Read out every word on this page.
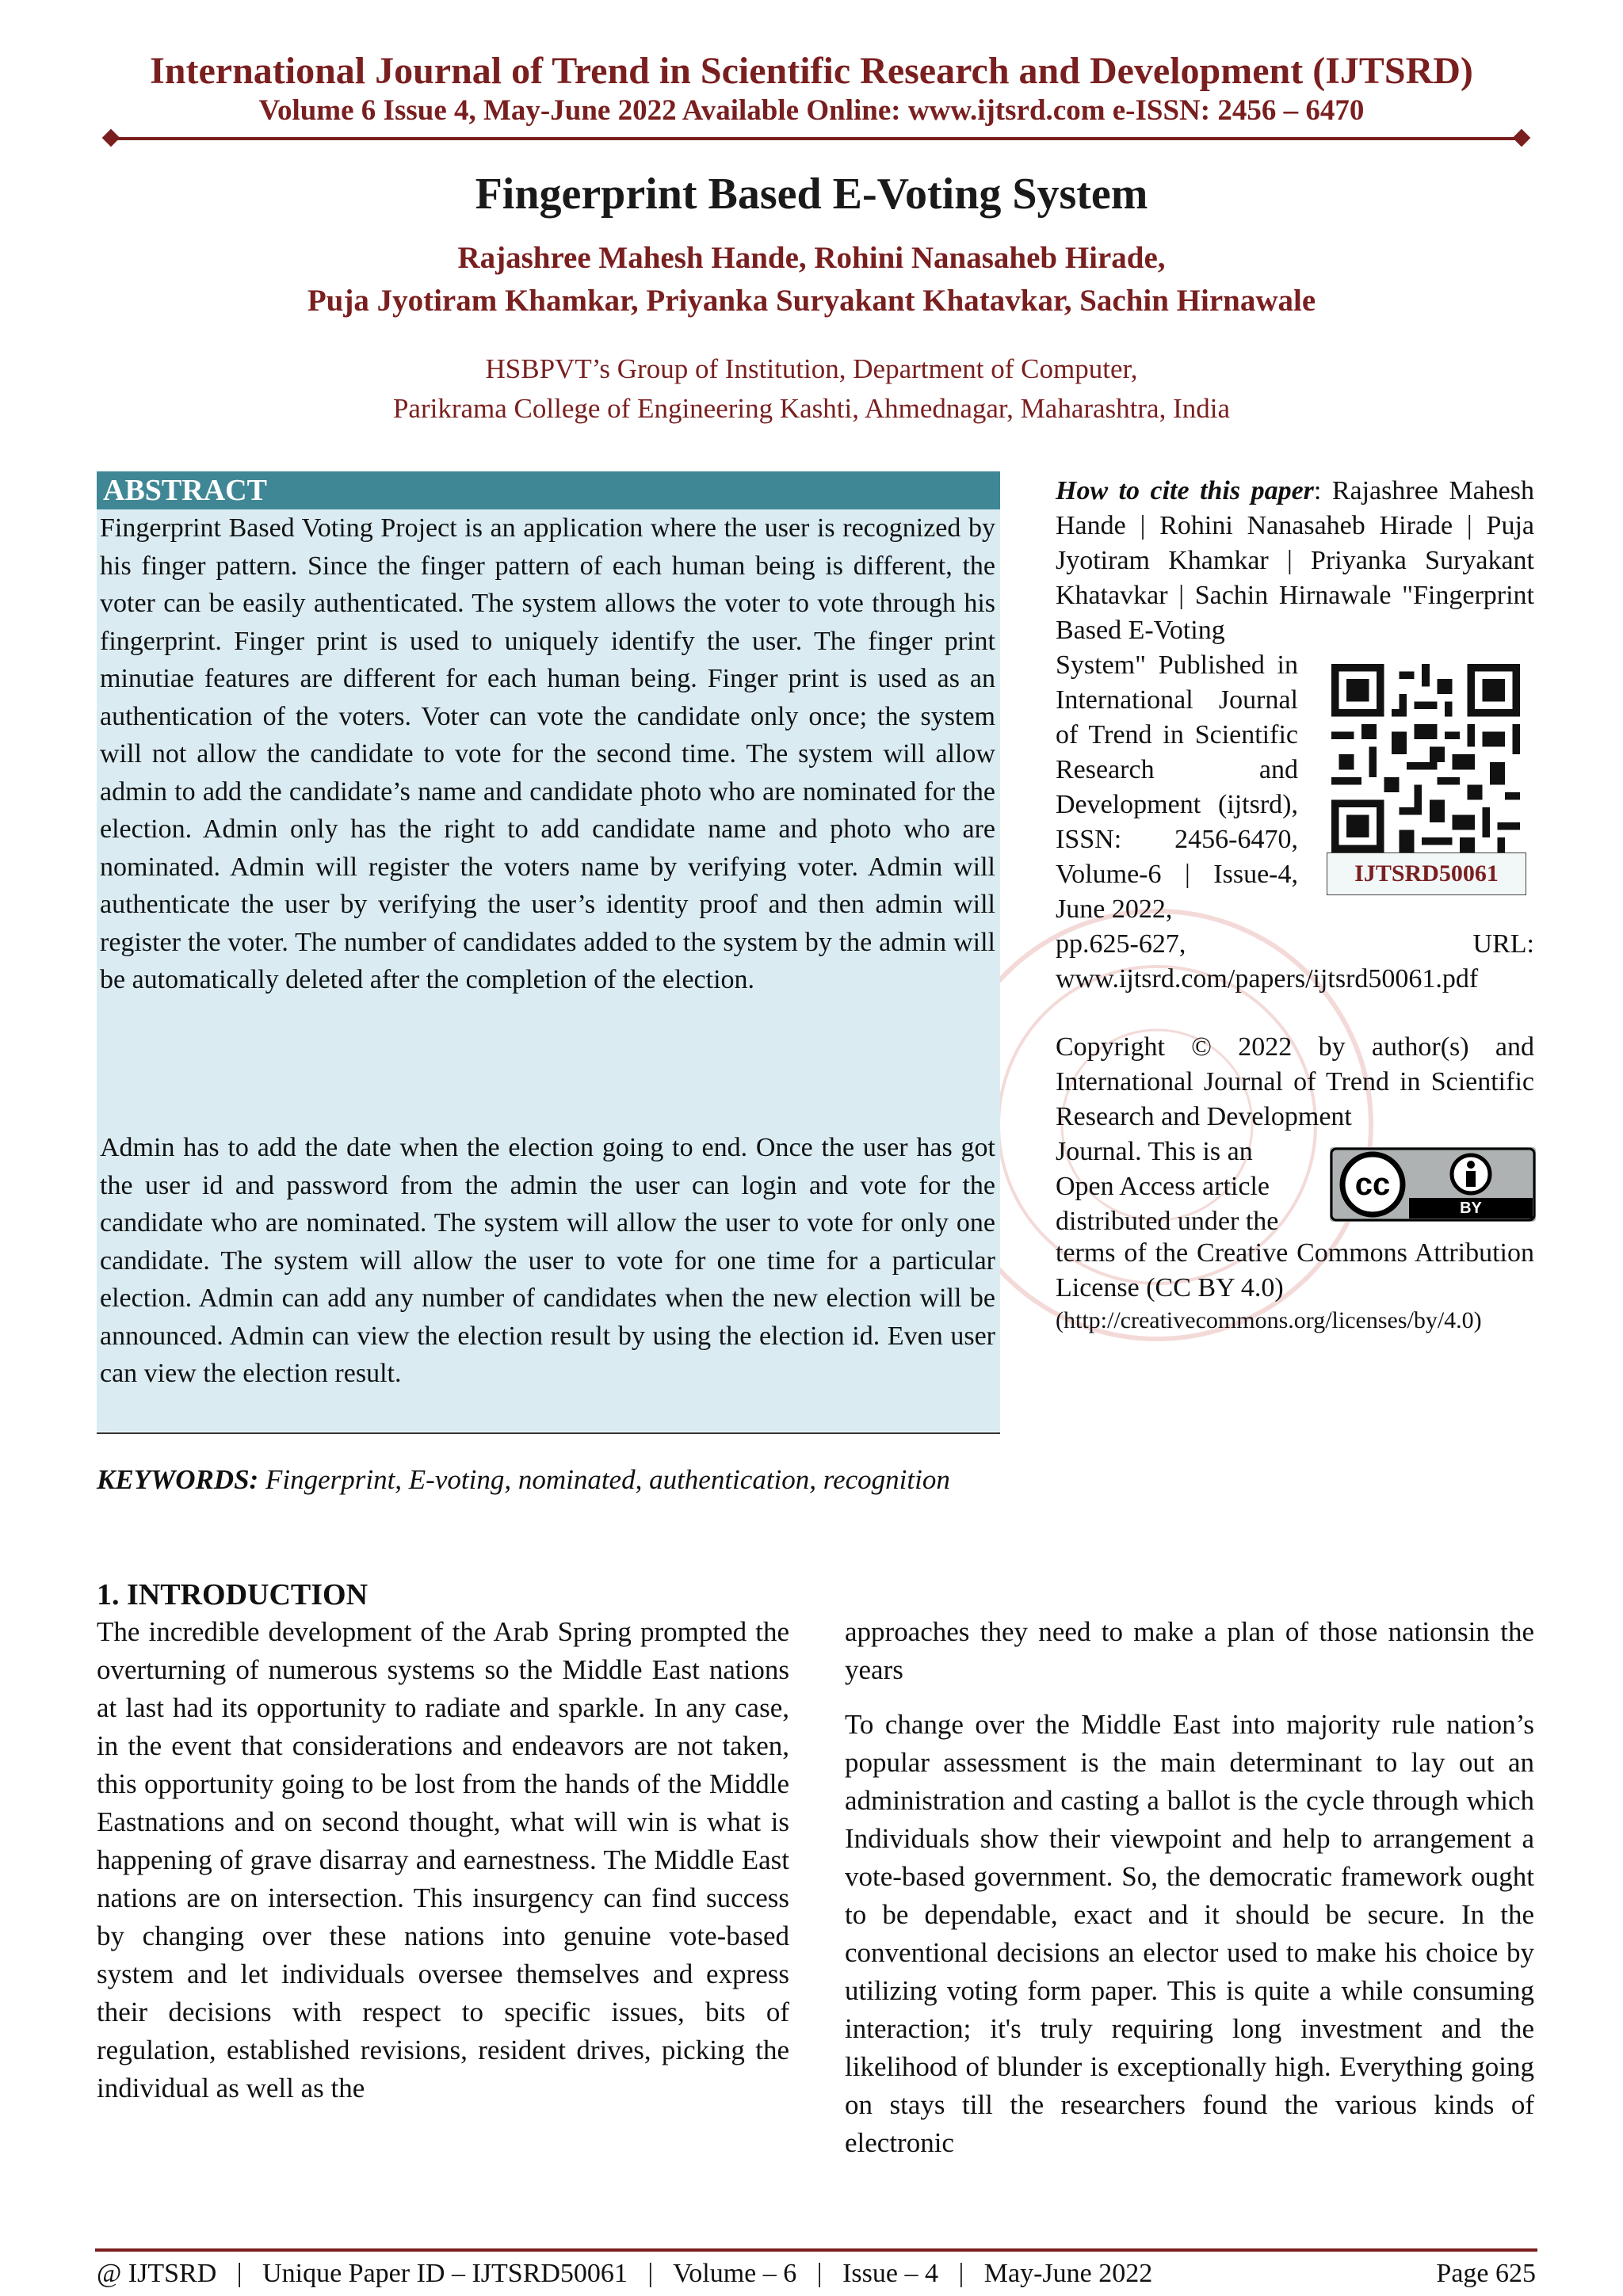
International Journal of Trend in Scientific Research and Development (IJTSRD)
Volume 6 Issue 4, May-June 2022 Available Online: www.ijtsrd.com e-ISSN: 2456 – 6470
Fingerprint Based E-Voting System
Rajashree Mahesh Hande, Rohini Nanasaheb Hirade,
Puja Jyotiram Khamkar, Priyanka Suryakant Khatavkar, Sachin Hirnawale
HSBPVT’s Group of Institution, Department of Computer,
Parikrama College of Engineering Kashti, Ahmednagar, Maharashtra, India
ABSTRACT

Fingerprint Based Voting Project is an application where the user is recognized by his finger pattern. Since the finger pattern of each human being is different, the voter can be easily authenticated. The system allows the voter to vote through his fingerprint. Finger print is used to uniquely identify the user. The finger print minutiae features are different for each human being. Finger print is used as an authentication of the voters. Voter can vote the candidate only once; the system will not allow the candidate to vote for the second time. The system will allow admin to add the candidate’s name and candidate photo who are nominated for the election. Admin only has the right to add candidate name and photo who are nominated. Admin will register the voters name by verifying voter. Admin will authenticate the user by verifying the user’s identity proof and then admin will register the voter. The number of candidates added to the system by the admin will be automatically deleted after the completion of the election.

Admin has to add the date when the election going to end. Once the user has got the user id and password from the admin the user can login and vote for the candidate who are nominated. The system will allow the user to vote for only one candidate. The system will allow the user to vote for one time for a particular election. Admin can add any number of candidates when the new election will be announced. Admin can view the election result by using the election id. Even user can view the election result.

KEYWORDS: Fingerprint, E-voting, nominated, authentication, recognition

How to cite this paper: Rajashree Mahesh Hande | Rohini Nanasaheb Hirade | Puja Jyotiram Khamkar | Priyanka Suryakant Khatavkar | Sachin Hirnawale "Fingerprint Based E-Voting

System" Published in International Journal of Trend in Scientific Research and Development (ijtsrd), ISSN: 2456-6470, Volume-6 | Issue-4, June 2022,

pp.625-627, URL: www.ijtsrd.com/papers/ijtsrd50061.pdf

IJTSRD50061

Copyright © 2022 by author(s) and International Journal of Trend in Scientific Research and Development

Journal. This is an Open Access article distributed under the

cc
BY

terms of the Creative Commons Attribution License (CC BY 4.0)

(http://creativecommons.org/licenses/by/4.0)

1. INTRODUCTION

The incredible development of the Arab Spring prompted the overturning of numerous systems so the Middle East nations at last had its opportunity to radiate and sparkle. In any case, in the event that considerations and endeavors are not taken, this opportunity going to be lost from the hands of the Middle Eastnations and on second thought, what will win is what is happening of grave disarray and earnestness. The Middle East nations are on intersection. This insurgency can find success by changing over these nations into genuine vote-based system and let individuals oversee themselves and express their decisions with respect to specific issues, bits of regulation, established revisions, resident drives, picking the individual as well as the

approaches they need to make a plan of those nationsin the years

To change over the Middle East into majority rule nation’s popular assessment is the main determinant to lay out an administration and casting a ballot is the cycle through which Individuals show their viewpoint and help to arrangement a vote-based government. So, the democratic framework ought to be dependable, exact and it should be secure. In the conventional decisions an elector used to make his choice by utilizing voting form paper. This is quite a while consuming interaction; it's truly requiring long investment and the likelihood of blunder is exceptionally high. Everything going on stays till the researchers found the various kinds of electronic

@ IJTSRD   |   Unique Paper ID – IJTSRD50061   |   Volume – 6   |   Issue – 4   |   May-June 2022	Page 625
